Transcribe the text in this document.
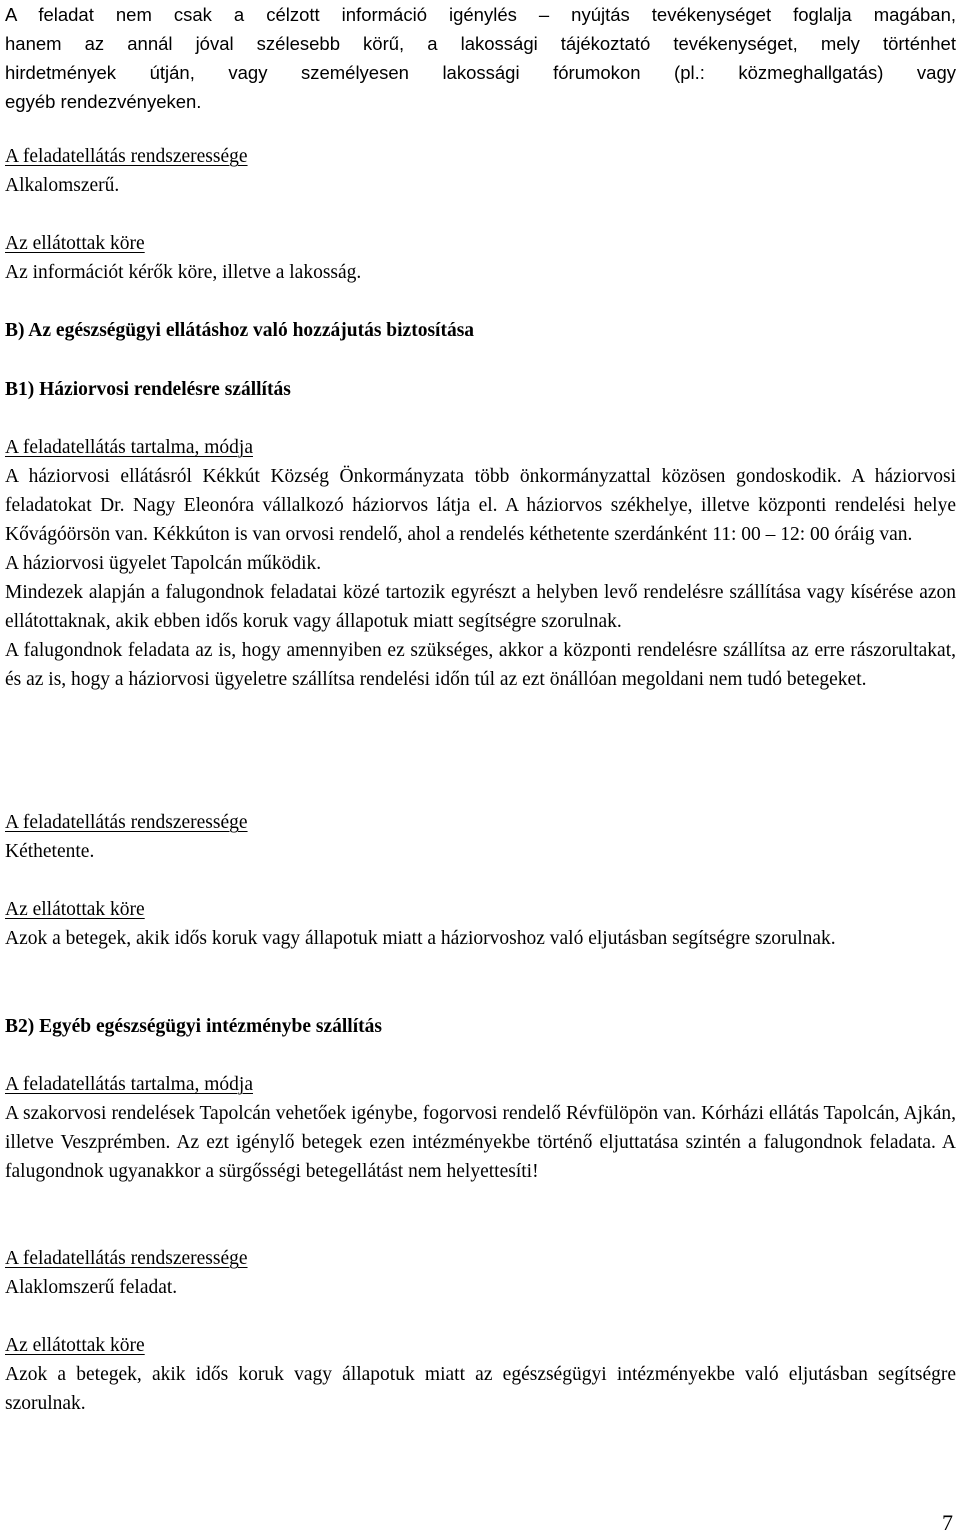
A feladat nem csak a célzott információ igénylés – nyújtás tevékenységet foglalja magában,
hanem az annál jóval szélesebb körű, a lakossági tájékoztató tevékenységet, mely történhet
hirdetmények útján, vagy személyesen lakossági fórumokon (pl.: közmeghallgatás) vagy
egyéb rendezvényeken.
A feladatellátás rendszeressége
Alkalomszerű.
Az ellátottak köre
Az információt kérők köre, illetve a lakosság.
B) Az egészségügyi ellátáshoz való hozzájutás biztosítása
B1) Háziorvosi rendelésre szállítás
A feladatellátás tartalma, módja
A háziorvosi ellátásról Kékkút Község Önkormányzata több önkormányzattal közösen gondoskodik. A háziorvosi feladatokat Dr. Nagy Eleonóra vállalkozó háziorvos látja el. A háziorvos székhelye, illetve központi rendelési helye Kővágóörsön van. Kékkúton is van orvosi rendelő, ahol a rendelés kéthetente szerdánként 11: 00 – 12: 00 óráig van.
A háziorvosi ügyelet Tapolcán működik.
Mindezek alapján a falugondnok feladatai közé tartozik egyrészt a helyben levő rendelésre szállítása vagy kísérése azon ellátottaknak, akik ebben idős koruk vagy állapotuk miatt segítségre szorulnak.
A falugondnok feladata az is, hogy amennyiben ez szükséges, akkor a központi rendelésre szállítsa az erre rászorultakat, és az is, hogy a háziorvosi ügyeletre szállítsa rendelési időn túl az ezt önállóan megoldani nem tudó betegeket.
A feladatellátás rendszeressége
Kéthetente.
Az ellátottak köre
Azok a betegek, akik idős koruk vagy állapotuk miatt a háziorvoshoz való eljutásban segítségre szorulnak.
B2) Egyéb egészségügyi intézménybe szállítás
A feladatellátás tartalma, módja
A szakorvosi rendelések Tapolcán vehetőek igénybe, fogorvosi rendelő Révfülöpön van. Kórházi ellátás Tapolcán, Ajkán, illetve Veszprémben. Az ezt igénylő betegek ezen intézményekbe történő eljuttatása szintén a falugondnok feladata. A falugondnok ugyanakkor a sürgősségi betegellátást nem helyettesíti!
A feladatellátás rendszeressége
Alaklomszerű feladat.
Az ellátottak köre
Azok a betegek, akik idős koruk vagy állapotuk miatt az egészségügyi intézményekbe való eljutásban segítségre szorulnak.
7
